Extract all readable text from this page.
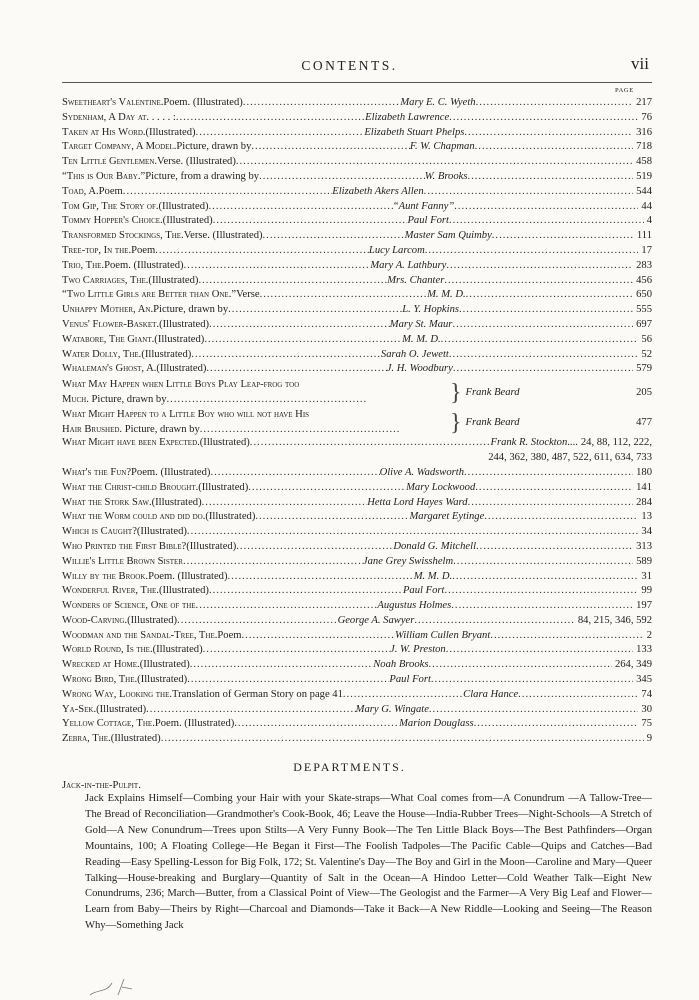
CONTENTS.	vii
PAGE
Sweetheart's Valentine. Poem. (Illustrated) .....	Mary E. C. Wyeth .....	217
Sydenham, A Day at . . . . . : .....	Elizabeth Lawrence .....	76
Taken at His Word. (Illustrated) .....	Elizabeth Stuart Phelps .....	316
Target Company, A Model. Picture, drawn by .....	F. W. Chapman .....	718
Ten Little Gentlemen. Verse. (Illustrated) .....	458
“This is Our Baby.” Picture, from a drawing by .....	W. Brooks .....	519
Toad, A. Poem .....	Elizabeth Akers Allen .....	544
Tom Gip, The Story of. (Illustrated) .....	“Aunt Fanny” .....	44
Tommy Hopper's Choice. (Illustrated) .....	Paul Fort .....	4
Transformed Stockings, The. Verse. (Illustrated) .....	Master Sam Quimby .....	111
Tree-top, In the. Poem .....	Lucy Larcom .....	17
Trio, The. Poem. (Illustrated) .....	Mary A. Lathbury .....	283
Two Carriages, The. (Illustrated) .....	Mrs. Chanter .....	456
“Two Little Girls are Better than One.” Verse .....	M. M. D. .....	650
Unhappy Mother, An. Picture, drawn by .....	L. Y. Hopkins .....	555
Venus' Flower-Basket. (Illustrated) .....	Mary St. Maur .....	697
Watabore, The Giant. (Illustrated) .....	M. M. D. .....	56
Water Dolly, The. (Illustrated) .....	Sarah O. Jewett .....	52
Whaleman's Ghost, A. (Illustrated) .....	J. H. Woodbury .....	579
What May Happen when Little Boys Play Leap-frog too
Much. Picture, drawn by .....	} Frank Beard	205
What Might Happen to a Little Boy who will not have His
Hair Brushed. Picture, drawn by .....	} Frank Beard	477
What Might have been Expected. (Illustrated) .....	Frank R. Stockton .... 24, 88, 112, 222,
244, 362, 380, 487, 522, 611, 634, 733
What's the Fun? Poem. (Illustrated) .....	Olive A. Wadsworth .....	180
What the Christ-child Brought. (Illustrated) .....	Mary Lockwood .....	141
What the Stork Saw. (Illustrated) .....	Hetta Lord Hayes Ward .....	284
What the Worm could and did do. (Illustrated) .....	Margaret Eytinge .....	13
Which is Caught? (Illustrated) .....	34
Who Printed the First Bible? (Illustrated) .....	Donald G. Mitchell .....	313
Willie's Little Brown Sister .....	Jane Grey Swisshelm .....	589
Willy by the Brook. Poem. (Illustrated) .....	M. M. D. .....	31
Wonderful River, The. (Illustrated) .....	Paul Fort .....	99
Wonders of Science, One of the .....	Augustus Holmes .....	197
Wood-Carving. (Illustrated) .....	George A. Sawyer .....	84, 215, 346, 592
Woodman and the Sandal-Tree, The. Poem .....	William Cullen Bryant .....	2
World Round, Is the. (Illustrated) .....	J. W. Preston .....	133
Wrecked at Home. (Illustrated) .....	Noah Brooks .....	264, 349
Wrong Bird, The. (Illustrated) .....	Paul Fort .....	345
Wrong Way, Looking the. Translation of German Story on page 41 .....	Clara Hance .....	74
Ya-Sek. (Illustrated) .....	Mary G. Wingate .....	30
Yellow Cottage, The. Poem. (Illustrated) .....	Marion Douglass .....	75
Zebra, The. (Illustrated) .....	9
DEPARTMENTS.
Jack-in-the-Pulpit.
Jack Explains Himself—Combing your Hair with your Skate-straps—What Coal comes from—A Conundrum —A Tallow-Tree—The Bread of Reconciliation—Grandmother's Cook-Book, 46; Leave the House—India-Rubber Trees—Night-Schools—A Stretch of Gold—A New Conundrum—Trees upon Stilts—A Very Funny Book—The Ten Little Black Boys—The Best Pathfinders—Organ Mountains, 100; A Floating College—He Began it First—The Foolish Tadpoles—The Pacific Cable—Quips and Catches—Bad Reading—Easy Spelling-Lesson for Big Folk, 172; St. Valentine's Day—The Boy and Girl in the Moon—Caroline and Mary—Queer Talking—House-breaking and Burglary—Quantity of Salt in the Ocean—A Hindoo Letter—Cold Weather Talk—Eight New Conundrums, 236; March—Butter, from a Classical Point of View—The Geologist and the Farmer—A Very Big Leaf and Flower—Learn from Baby—Theirs by Right—Charcoal and Diamonds—Take it Back—A New Riddle—Looking and Seeing—The Reason Why—Something Jack
